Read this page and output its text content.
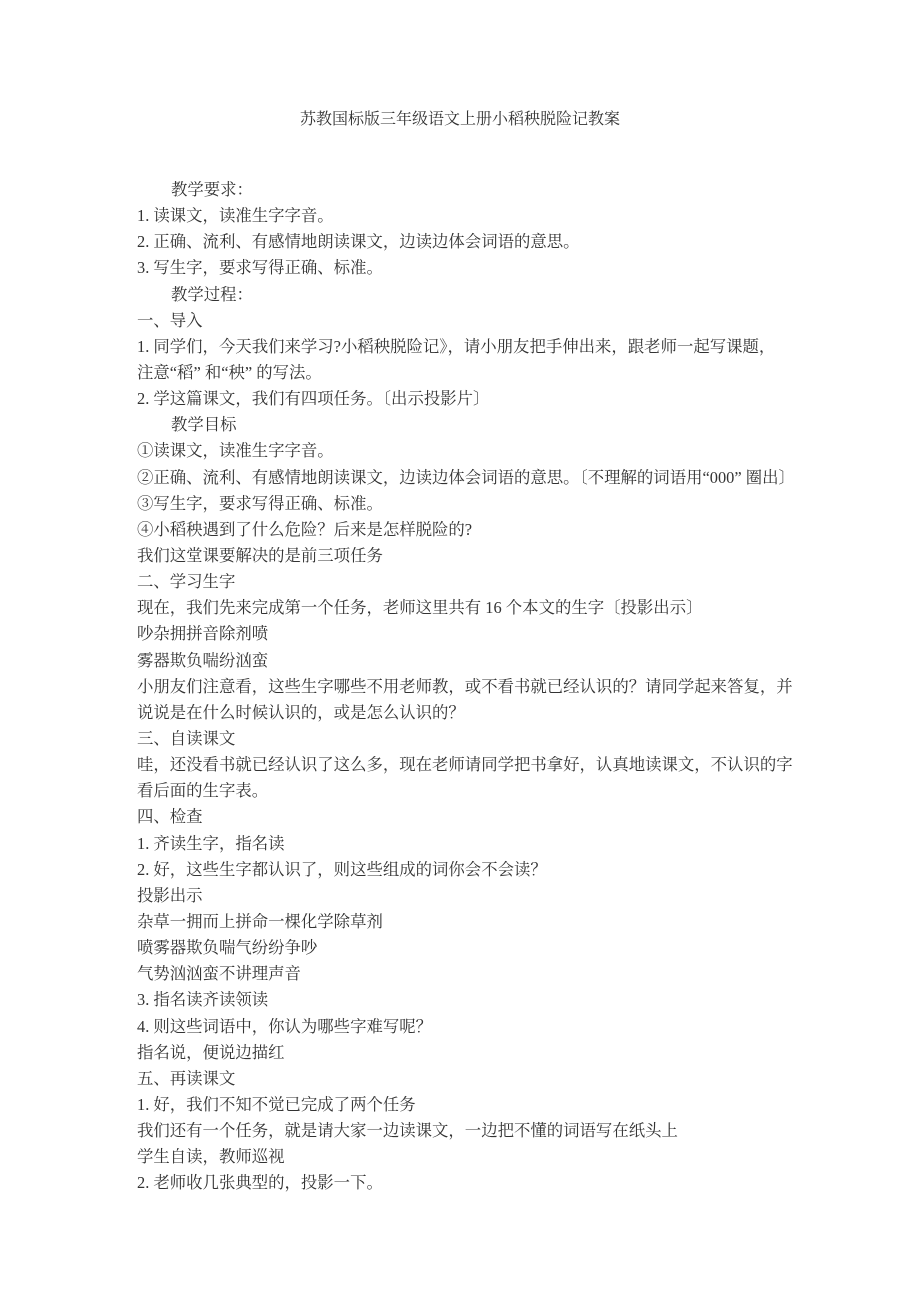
苏教国标版三年级语文上册小稻秧脱险记教案

教学要求：

1. 读课文，读准生字字音。

2. 正确、流利、有感情地朗读课文，边读边体会词语的意思。

3. 写生字，要求写得正确、标准。

教学过程：

一、导入

1. 同学们，今天我们来学习?小稻秧脱险记》，请小朋友把手伸出来，跟老师一起写课题，

注意“稻” 和“秧” 的写法。

2. 学这篇课文，我们有四项任务。〔出示投影片〕

教学目标

①读课文，读准生字字音。

②正确、流利、有感情地朗读课文，边读边体会词语的意思。〔不理解的词语用“000” 圈出〕

③写生字，要求写得正确、标准。

④小稻秧遇到了什么危险？后来是怎样脱险的?

我们这堂课要解决的是前三项任务

二、学习生字

现在，我们先来完成第一个任务，老师这里共有 16 个本文的生字〔投影出示〕

吵杂拥拼音除剂喷

雾器欺负喘纷汹蛮

小朋友们注意看，这些生字哪些不用老师教，或不看书就已经认识的？请同学起来答复，并

说说是在什么时候认识的，或是怎么认识的？

三、自读课文

哇，还没看书就已经认识了这么多，现在老师请同学把书拿好，认真地读课文，不认识的字

看后面的生字表。

四、检查

1. 齐读生字，指名读

2. 好，这些生字都认识了，则这些组成的词你会不会读？

投影出示

杂草一拥而上拼命一棵化学除草剂

喷雾器欺负喘气纷纷争吵

气势汹汹蛮不讲理声音

3. 指名读齐读领读

4. 则这些词语中，你认为哪些字难写呢？

指名说，便说边描红

五、再读课文

1. 好，我们不知不觉已完成了两个任务

我们还有一个任务，就是请大家一边读课文，一边把不懂的词语写在纸头上

学生自读，教师巡视

2. 老师收几张典型的，投影一下。
